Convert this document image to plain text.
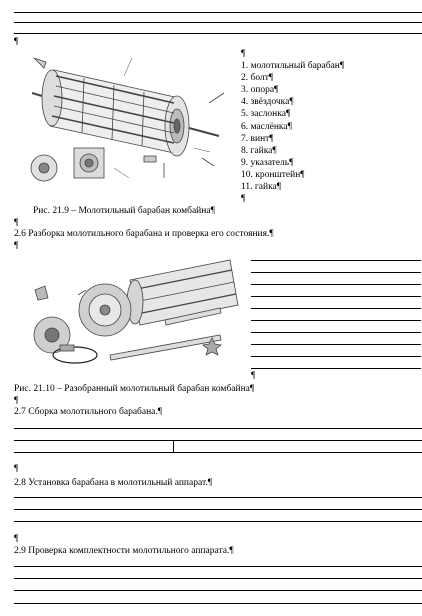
¶
¶
1. молотильный барабан¶
2. болт¶
3. опора¶
4. звёздочка¶
5. заслонка¶
6. маслёнка¶
7. винт¶
8. гайка¶
9. указатель¶
10. кронштейн¶
11. гайка¶
¶
Рис. 21.9 – Молотильный барабан комбайна¶
¶
2.6 Разборка молотильного барабана и проверка его состояния.¶
¶
¶
Рис. 21.10 – Разобранный молотильный барабан комбайна¶
¶
2.7 Сборка молотильного барабана.¶
¶
2.8 Установка барабана в молотильный аппарат.¶
¶
2.9 Проверка комплектности молотильного аппарата.¶
